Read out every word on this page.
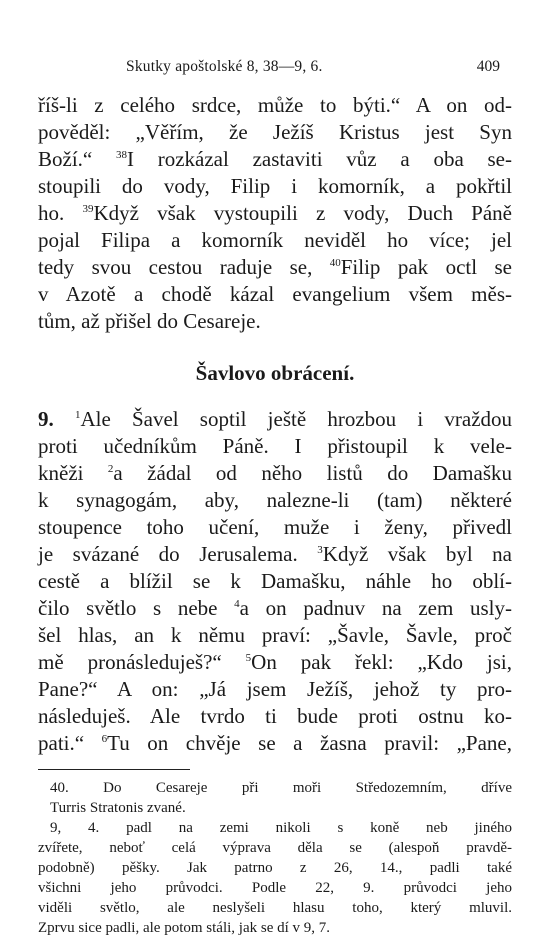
Skutky apoštolské 8, 38—9, 6.	409
říš-li z celého srdce, může to býti.“ A on od-
pověděl: „Věřím, že Ježíš Kristus jest Syn
Boží.“ $^{38}$I rozkázal zastaviti vůz a oba se-
stoupili do vody, Filip i komorník, a pokřtil
ho. $^{39}$Když však vystoupili z vody, Duch Páně
pojal Filipa a komorník neviděl ho více; jel
tedy svou cestou raduje se, $^{40}$Filip pak octl se
v Azotě a chodě kázal evangelium všem měs-
tům, až přišel do Cesareje.
Šavlovo obrácení.
9. $^1$Ale Šavel soptil ještě hrozbou i vraždou
proti učedníkům Páně. I přistoupil k vele-
kněži $^2$a žádal od něho listů do Damašku
k synagogám, aby, nalezne-li (tam) některé
stoupence toho učení, muže i ženy, přivedl
je svázané do Jerusalema. $^3$Když však byl na
cestě a blížil se k Damašku, náhle ho oblí-
čilo světlo s nebe $^4$a on padnuv na zem usly-
šel hlas, an k němu praví: „Šavle, Šavle, proč
mě pronásleduješ?“ $^5$On pak řekl: „Kdo jsi,
Pane?“ A on: „Já jsem Ježíš, jehož ty pro-
následuješ. Ale tvrdo ti bude proti ostnu ko-
pati.“ $^6$Tu on chvěje se a žasna pravil: „Pane,
40. Do Cesareje při moři Středozemním, dříve
Turris Stratonis zvané.
9, 4. padl na zemi nikoli s koně neb jiného
zvířete, neboť celá výprava děla se (alespoň pravdě-
podobně) pěšky. Jak patrno z 26, 14., padli také
všichni jeho průvodci. Podle 22, 9. průvodci jeho
viděli světlo, ale neslyšeli hlasu toho, který mluvil.
Zprvu sice padli, ale potom stáli, jak se dí v 9, 7.
